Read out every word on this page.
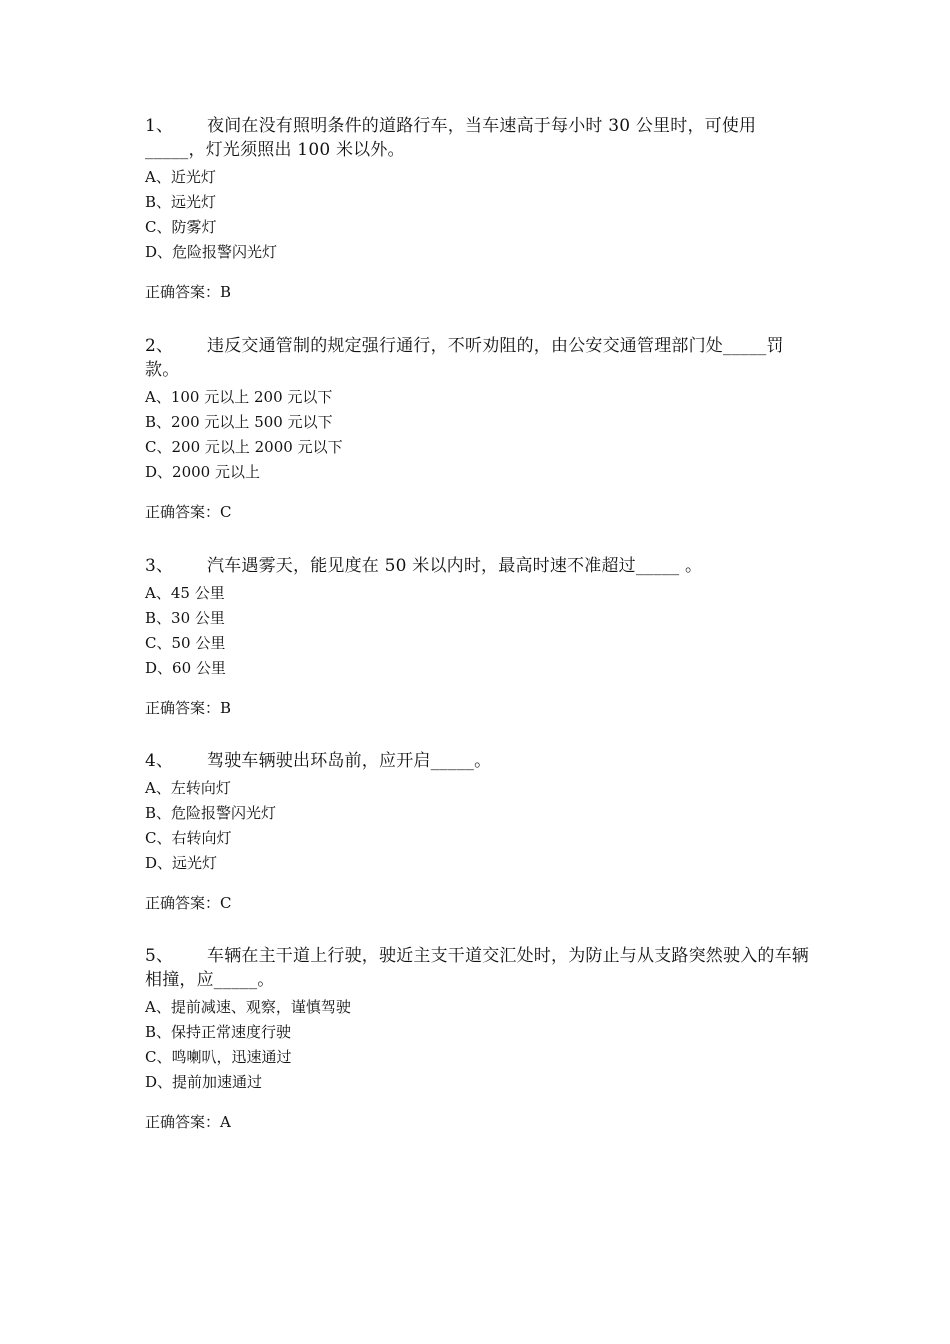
1、 夜间在没有照明条件的道路行车，当车速高于每小时 30 公里时，可使用_____，灯光须照出 100 米以外。

A、近光灯

B、远光灯

C、防雾灯

D、危险报警闪光灯

正确答案：B

2、 违反交通管制的规定强行通行，不听劝阻的，由公安交通管理部门处_____罚款。

A、100 元以上 200 元以下

B、200 元以上 500 元以下

C、200 元以上 2000 元以下

D、2000 元以上

正确答案：C

3、 汽车遇雾天，能见度在 50 米以内时，最高时速不准超过_____ 。

A、45 公里

B、30 公里

C、50 公里

D、60 公里

正确答案：B

4、 驾驶车辆驶出环岛前，应开启_____。

A、左转向灯

B、危险报警闪光灯

C、右转向灯

D、远光灯

正确答案：C

5、 车辆在主干道上行驶，驶近主支干道交汇处时，为防止与从支路突然驶入的车辆相撞，应_____。

A、提前减速、观察，谨慎驾驶

B、保持正常速度行驶

C、鸣喇叭，迅速通过

D、提前加速通过

正确答案：A
